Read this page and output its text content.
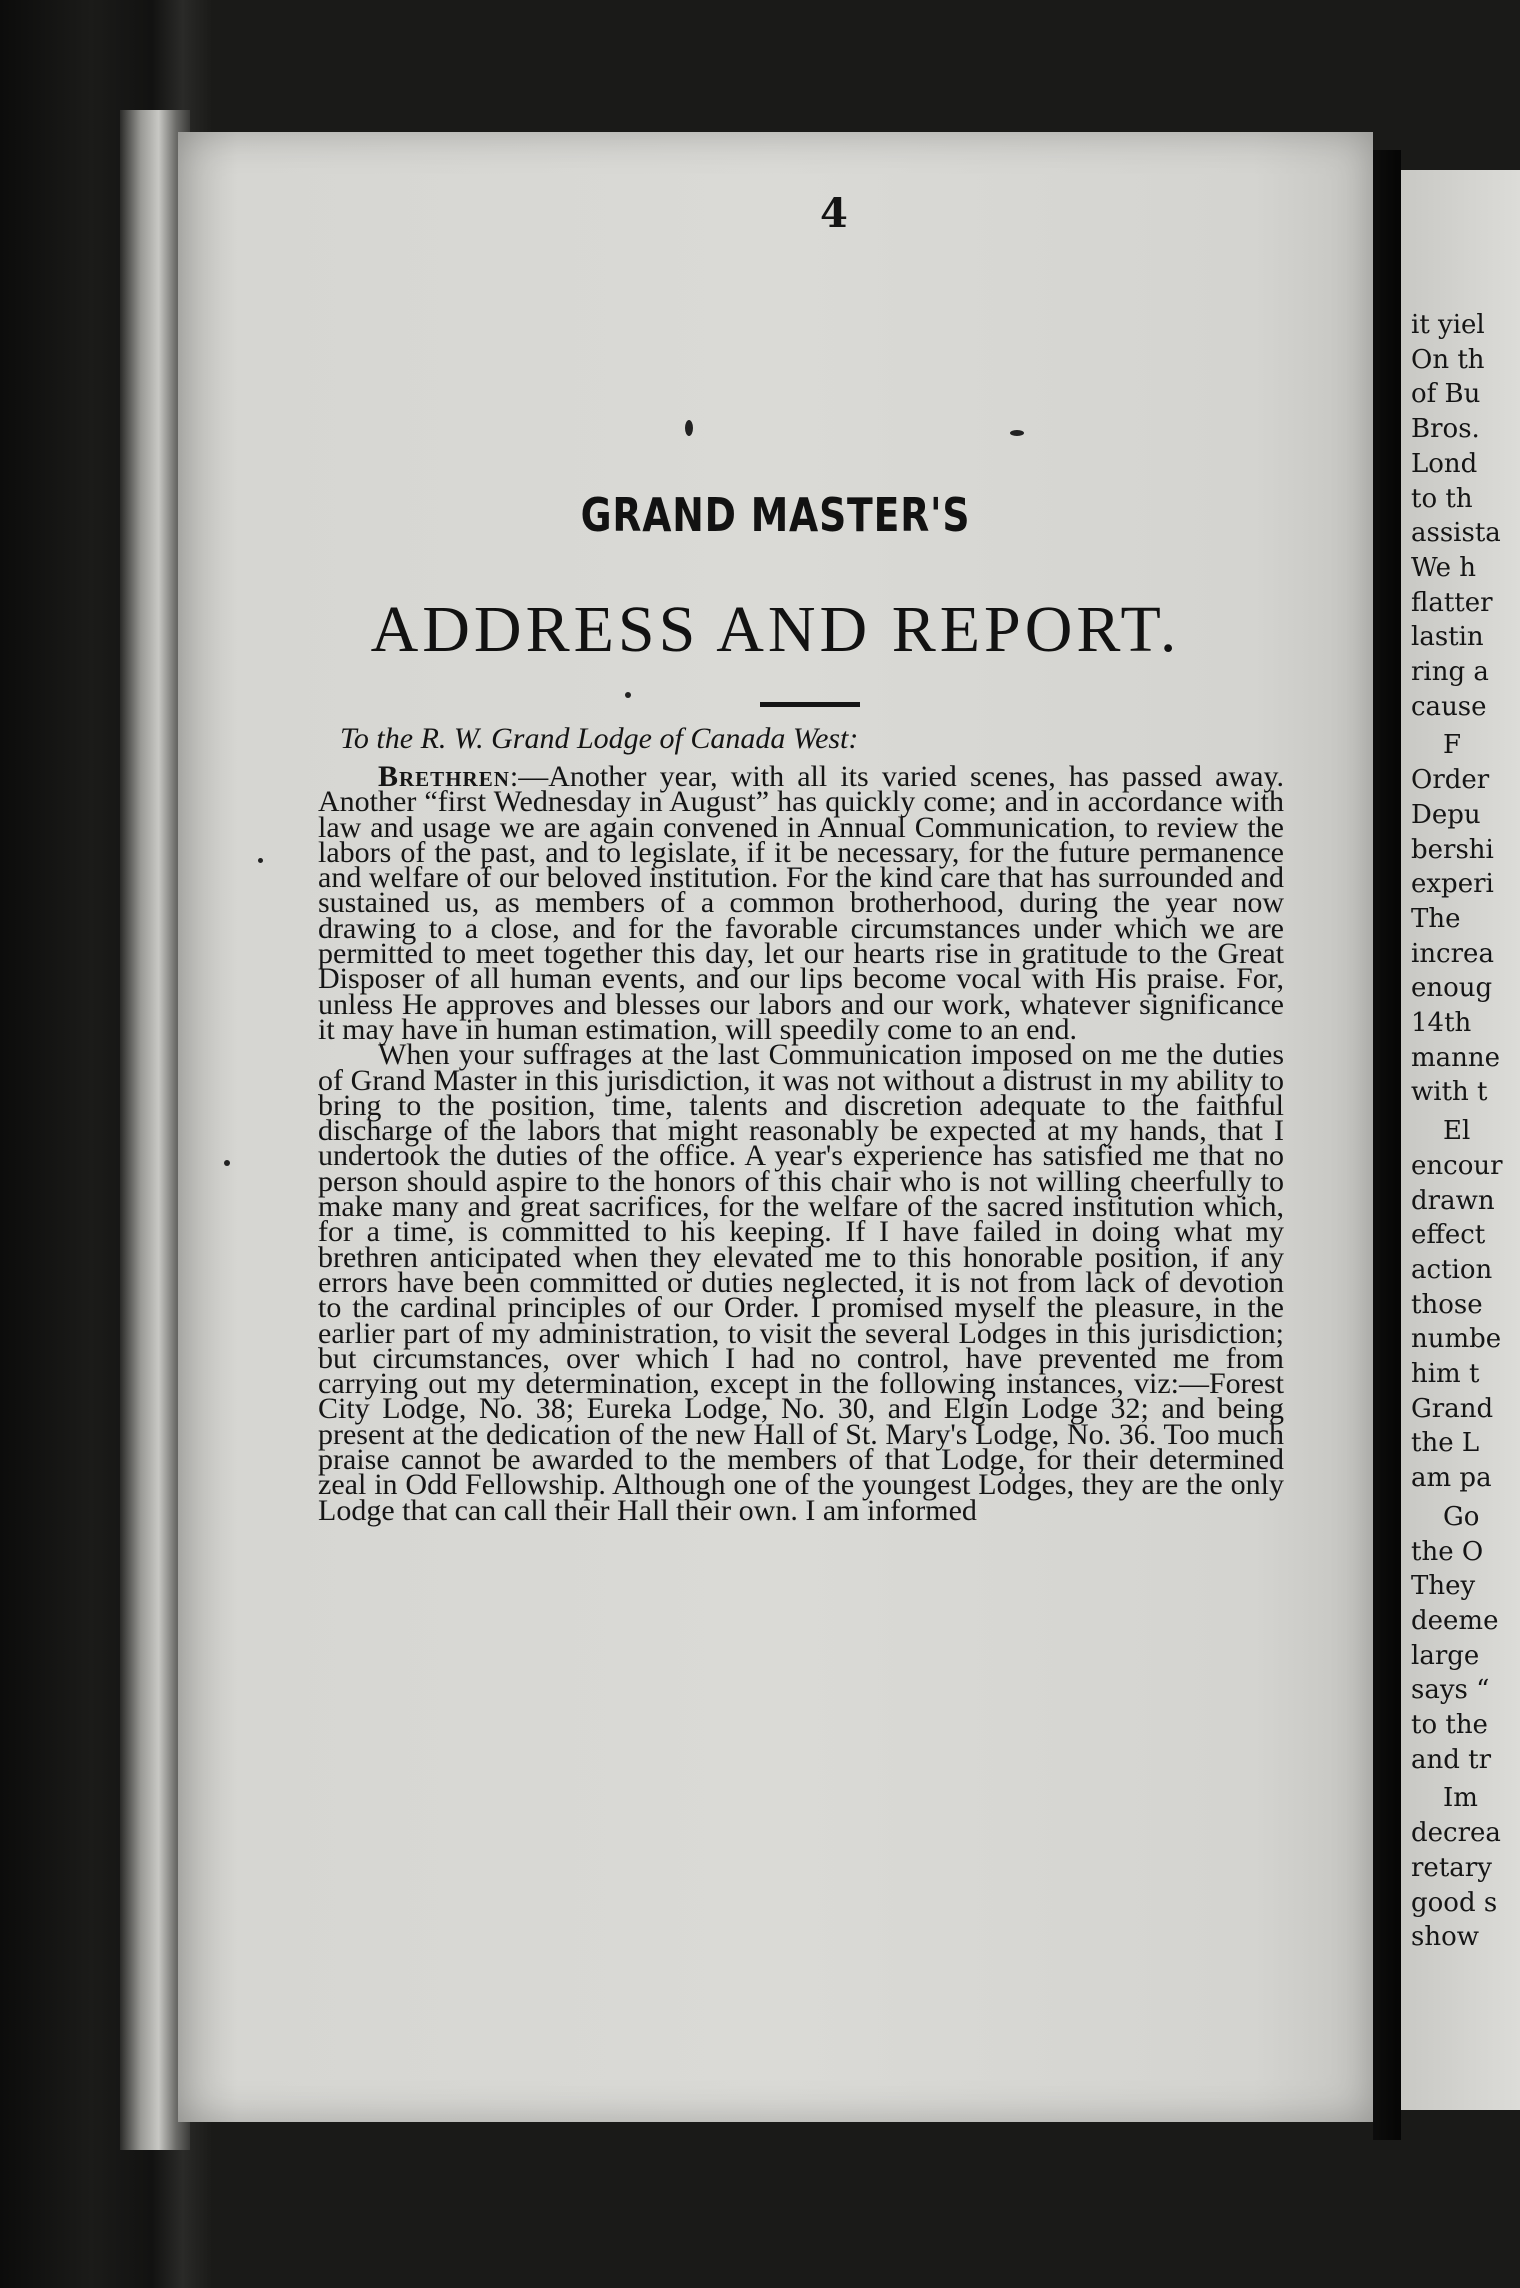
it yiel
On th
of Bu
Bros.
Lond
to th
assista
We h
flatter
lastin
ring a
cause
F
Order
Depu
bershi
experi
The
increa
enoug
14th
manne
with t
El
encour
drawn
effect
action
those
numbe
him t
Grand
the L
am pa
Go
the O
They
deeme
large
says “
to the
and tr
Im
decrea
retary
good s
show
4
GRAND MASTER'S
ADDRESS AND REPORT.
To the R. W. Grand Lodge of Canada West:

  Brethren:—Another year, with all its varied scenes, has passed away. Another “first Wednesday in August” has quickly come; and in accordance with law and usage we are again convened in Annual Communication, to review the labors of the past, and to legislate, if it be necessary, for the future permanence and welfare of our beloved institution. For the kind care that has surrounded and sustained us, as members of a common brotherhood, during the year now drawing to a close, and for the favorable circumstances under which we are permitted to meet together this day, let our hearts rise in gratitude to the Great Disposer of all human events, and our lips become vocal with His praise. For, unless He approves and blesses our labors and our work, whatever significance it may have in human estimation, will speedily come to an end.

  When your suffrages at the last Communication imposed on me the duties of Grand Master in this jurisdiction, it was not without a distrust in my ability to bring to the position, time, talents and discretion adequate to the faithful discharge of the labors that might reasonably be expected at my hands, that I undertook the duties of the office. A year's experience has satisfied me that no person should aspire to the honors of this chair who is not willing cheerfully to make many and great sacrifices, for the welfare of the sacred institution which, for a time, is committed to his keeping. If I have failed in doing what my brethren anticipated when they elevated me to this honorable position, if any errors have been committed or duties neglected, it is not from lack of devotion to the cardinal principles of our Order. I promised myself the pleasure, in the earlier part of my administration, to visit the several Lodges in this jurisdiction; but circumstances, over which I had no control, have prevented me from carrying out my determination, except in the following instances, viz:—Forest City Lodge, No. 38; Eureka Lodge, No. 30, and Elgin Lodge 32; and being present at the dedication of the new Hall of St. Mary's Lodge, No. 36. Too much praise cannot be awarded to the members of that Lodge, for their determined zeal in Odd Fellowship. Although one of the youngest Lodges, they are the only Lodge that can call their Hall their own. I am informed
